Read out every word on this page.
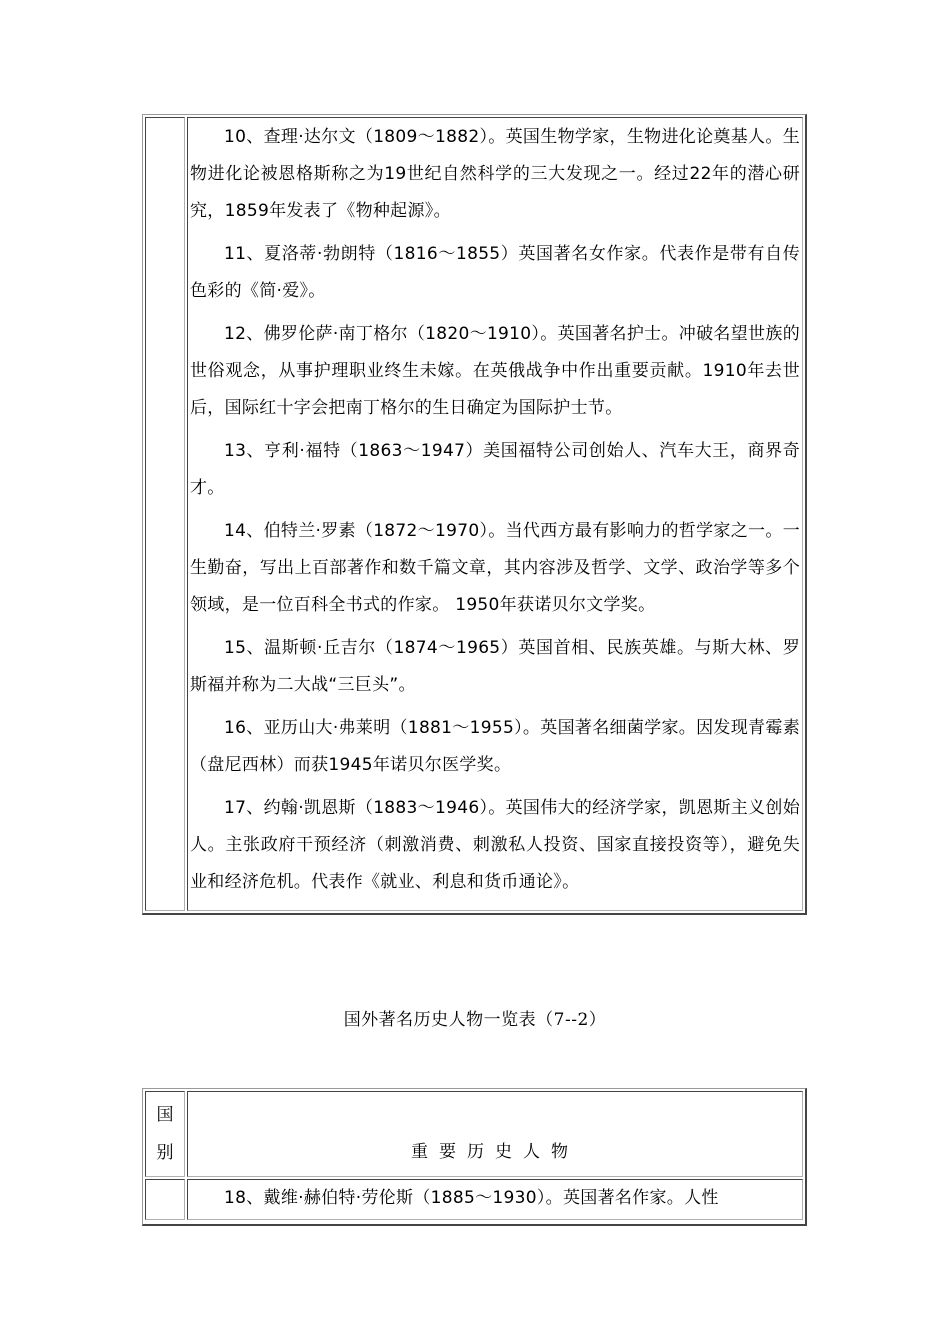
10、查理·达尔文（1809～1882）。英国生物学家，生物进化论奠基人。生物进化论被恩格斯称之为19世纪自然科学的三大发现之一。经过22年的潜心研究，1859年发表了《物种起源》。

11、夏洛蒂·勃朗特（1816～1855）英国著名女作家。代表作是带有自传色彩的《简·爱》。

12、佛罗伦萨·南丁格尔（1820～1910）。英国著名护士。冲破名望世族的世俗观念，从事护理职业终生未嫁。在英俄战争中作出重要贡献。1910年去世后，国际红十字会把南丁格尔的生日确定为国际护士节。

13、亨利·福特（1863～1947）美国福特公司创始人、汽车大王，商界奇才。

14、伯特兰·罗素（1872～1970）。当代西方最有影响力的哲学家之一。一生勤奋，写出上百部著作和数千篇文章，其内容涉及哲学、文学、政治学等多个领域，是一位百科全书式的作家。 1950年获诺贝尔文学奖。

15、温斯顿·丘吉尔（1874～1965）英国首相、民族英雄。与斯大林、罗斯福并称为二大战“三巨头”。

16、亚历山大·弗莱明（1881～1955）。英国著名细菌学家。因发现青霉素（盘尼西林）而获1945年诺贝尔医学奖。

17、约翰·凯恩斯（1883～1946）。英国伟大的经济学家，凯恩斯主义创始人。主张政府干预经济（刺激消费、刺激私人投资、国家直接投资等），避免失业和经济危机。代表作《就业、利息和货币通论》。

国外著名历史人物一览表（7--2）
国
别	重要历史人物

18、戴维·赫伯特·劳伦斯（1885～1930）。英国著名作家。人性
